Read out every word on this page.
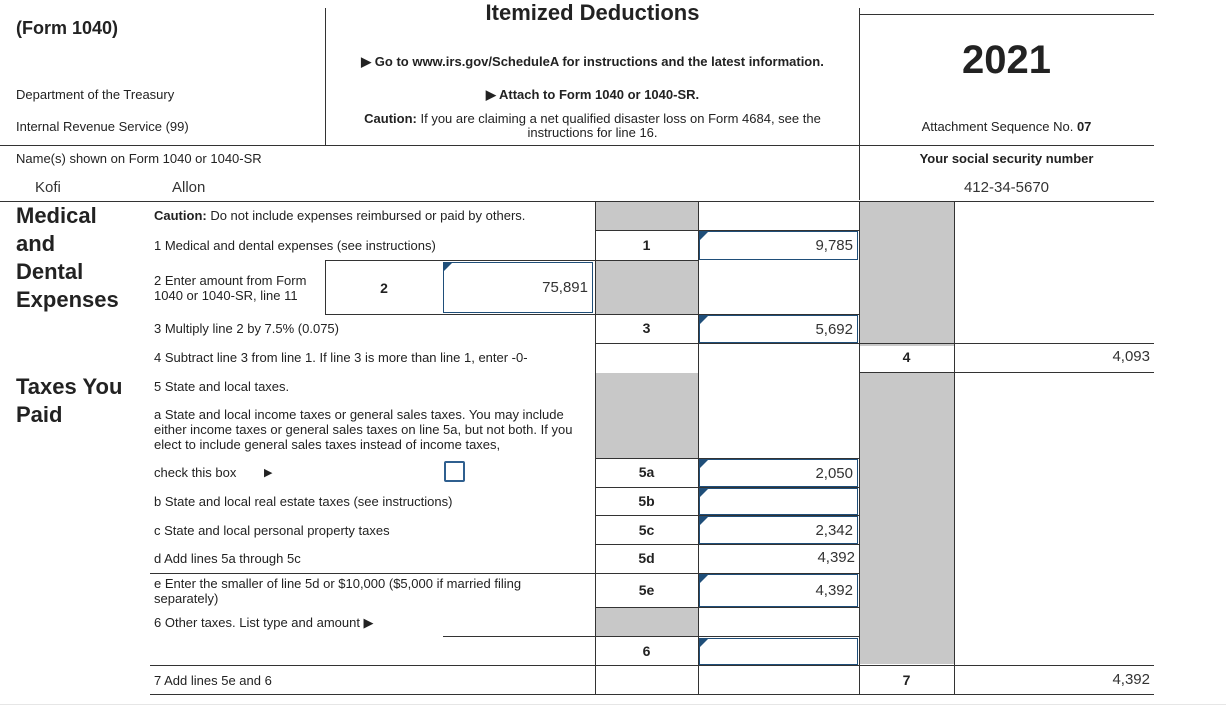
(Form 1040)
Department of the Treasury
Internal Revenue Service (99)
Itemized Deductions
▶ Go to www.irs.gov/ScheduleA for instructions and the latest information.
▶ Attach to Form 1040 or 1040-SR.
Caution: If you are claiming a net qualified disaster loss on Form 4684, see the instructions for line 16.
2021
Attachment Sequence No. 07
Name(s) shown on Form 1040 or 1040-SR
Kofi	Allon
Your social security number
412-34-5670
Medical
and
Dental
Expenses
Caution: Do not include expenses reimbursed or paid by others.
1 Medical and dental expenses (see instructions)	1	9,785
2 Enter amount from Form 1040 or 1040-SR, line 11	2	75,891
3 Multiply line 2 by 7.5% (0.075)	3	5,692
4 Subtract line 3 from line 1. If line 3 is more than line 1, enter -0-	4	4,093
Taxes You
Paid
5 State and local taxes.
a State and local income taxes or general sales taxes. You may include either income taxes or general sales taxes on line 5a, but not both. If you elect to include general sales taxes instead of income taxes,
check this box	▶	5a	2,050
b State and local real estate taxes (see instructions)	5b
c State and local personal property taxes	5c	2,342
d Add lines 5a through 5c	5d	4,392
e Enter the smaller of line 5d or $10,000 ($5,000 if married filing separately)
5e	4,392
6 Other taxes. List type and amount ▶
6
7 Add lines 5e and 6	7	4,392
